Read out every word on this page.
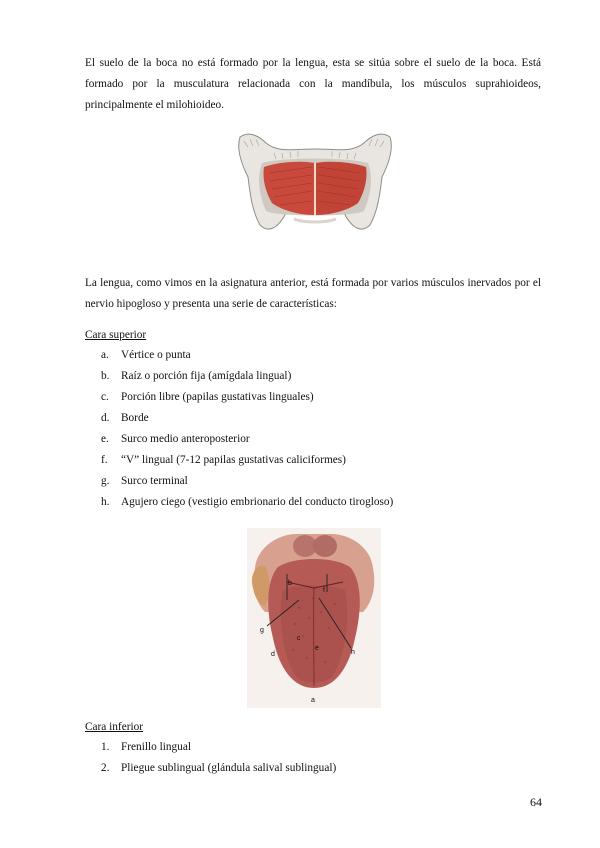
El suelo de la boca no está formado por la lengua, esta se sitúa sobre el suelo de la boca. Está formado por la musculatura relacionada con la mandíbula, los músculos suprahioideos, principalmente el milohioideo.

La lengua, como vimos en la asignatura anterior, está formada por varios músculos inervados por el nervio hipogloso y presenta una serie de características:

Cara superior

a.	Vértice o punta
b.	Raíz o porción fija (amígdala lingual)
c.	Porción libre (papilas gustativas linguales)
d.	Borde
e.	Surco medio anteroposterior
f.	“V” lingual (7-12 papilas gustativas caliciformes)
g.	Surco terminal
h.	Agujero ciego (vestigio embrionario del conducto tirogloso)
b
f
g
c
e
d	h
a

Cara inferior

1.	Frenillo lingual
2.	Pliegue sublingual (glándula salival sublingual)
64
